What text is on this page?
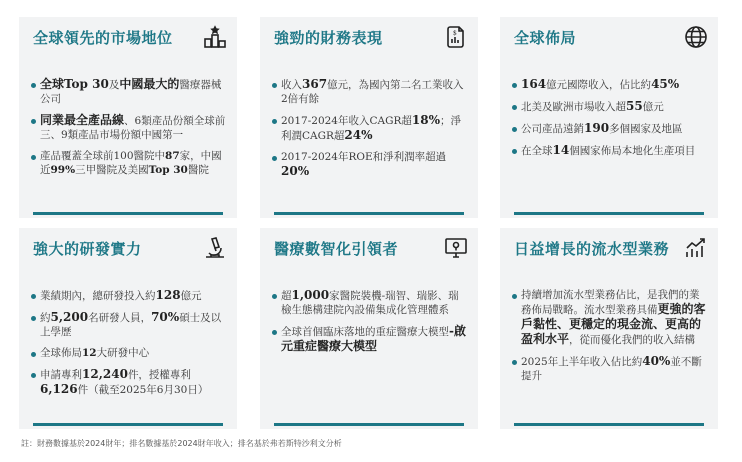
全球領先的市場地位
全球Top 30及中國最大的醫療器械公司
同業最全產品線、6類產品份額全球前三、9類產品市場份額中國第一
產品覆蓋全球前100醫院中87家，中國近99%三甲醫院及美國Top 30醫院
強勁的財務表現	$
收入367億元，為國內第二名工業收入2倍有餘
2017-2024年收入CAGR超18%；淨利潤CAGR超24%
2017-2024年ROE和淨利潤率超過20%
全球佈局
164億元國際收入，佔比約45%
北美及歐洲市場收入超55億元
公司產品遠銷190多個國家及地區
在全球14個國家佈局本地化生產項目
強大的研發實力
業績期內，總研發投入約128億元
約5,200名研發人員，70%碩士及以上學歷
全球佈局12大研發中心
申請專利12,240件，授權專利6,126件（截至2025年6月30日）
醫療數智化引領者
超1,000家醫院裝機-瑞智、瑞影、瑞檢生態構建院內設備集成化管理體系
全球首個臨床落地的重症醫療大模型-啟元重症醫療大模型
日益增長的流水型業務
持續增加流水型業務佔比，是我們的業務佈局戰略。流水型業務具備更強的客戶黏性、更穩定的現金流、更高的盈利水平，從而優化我們的收入結構
2025年上半年收入佔比約40%並不斷提升
註：財務數據基於2024財年；排名數據基於2024財年收入；排名基於弗若斯特沙利文分析
